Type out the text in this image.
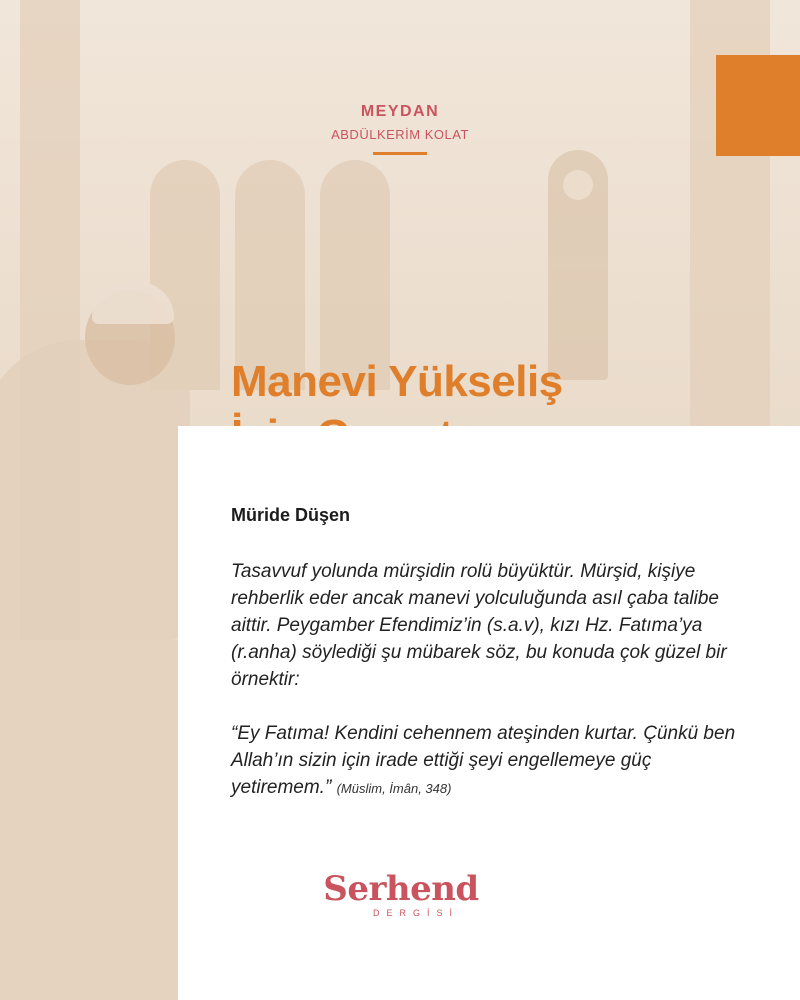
MEYDAN
ABDÜLKERİM KOLAT
Manevi Yükseliş

Müride Düşen

Tasavvuf yolunda mürşidin rolü büyüktür. Mürşid, kişiye rehberlik eder ancak manevi yolculuğunda asıl çaba talibe aittir. Peygamber Efendimiz’in (s.a.v), kızı Hz. Fatıma’ya (r.anha) söylediği şu mübarek söz, bu konuda çok güzel bir örnektir:

“Ey Fatıma! Kendini cehennem ateşinden kurtar. Çünkü ben Allah’ın sizin için irade ettiği şeyi engellemeye güç yetiremem.” (Müslim, İmân, 348)

Serhend
DERGİSİ
